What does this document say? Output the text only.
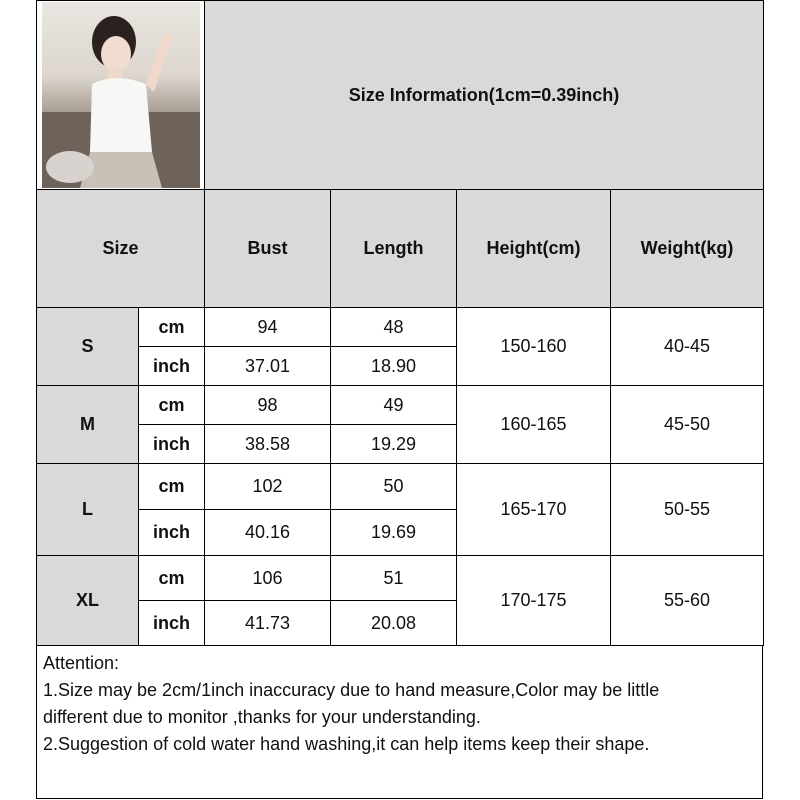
	Size Information(1cm=0.39inch)			
Size		Bust	Length	Height(cm)	Weight(kg)
S	cm	94	48	150-160	40-45
	inch	37.01	18.90		
M	cm	98	49	160-165	45-50
	inch	38.58	19.29		
L	cm	102	50	165-170	50-55
	inch	40.16	19.69		
XL	cm	106	51	170-175	55-60
	inch	41.73	20.08		
Attention:
1.Size may be 2cm/1inch inaccuracy due to hand measure,Color may be little
different due to monitor ,thanks for your understanding.
2.Suggestion of cold water hand washing,it can help items keep their shape.
